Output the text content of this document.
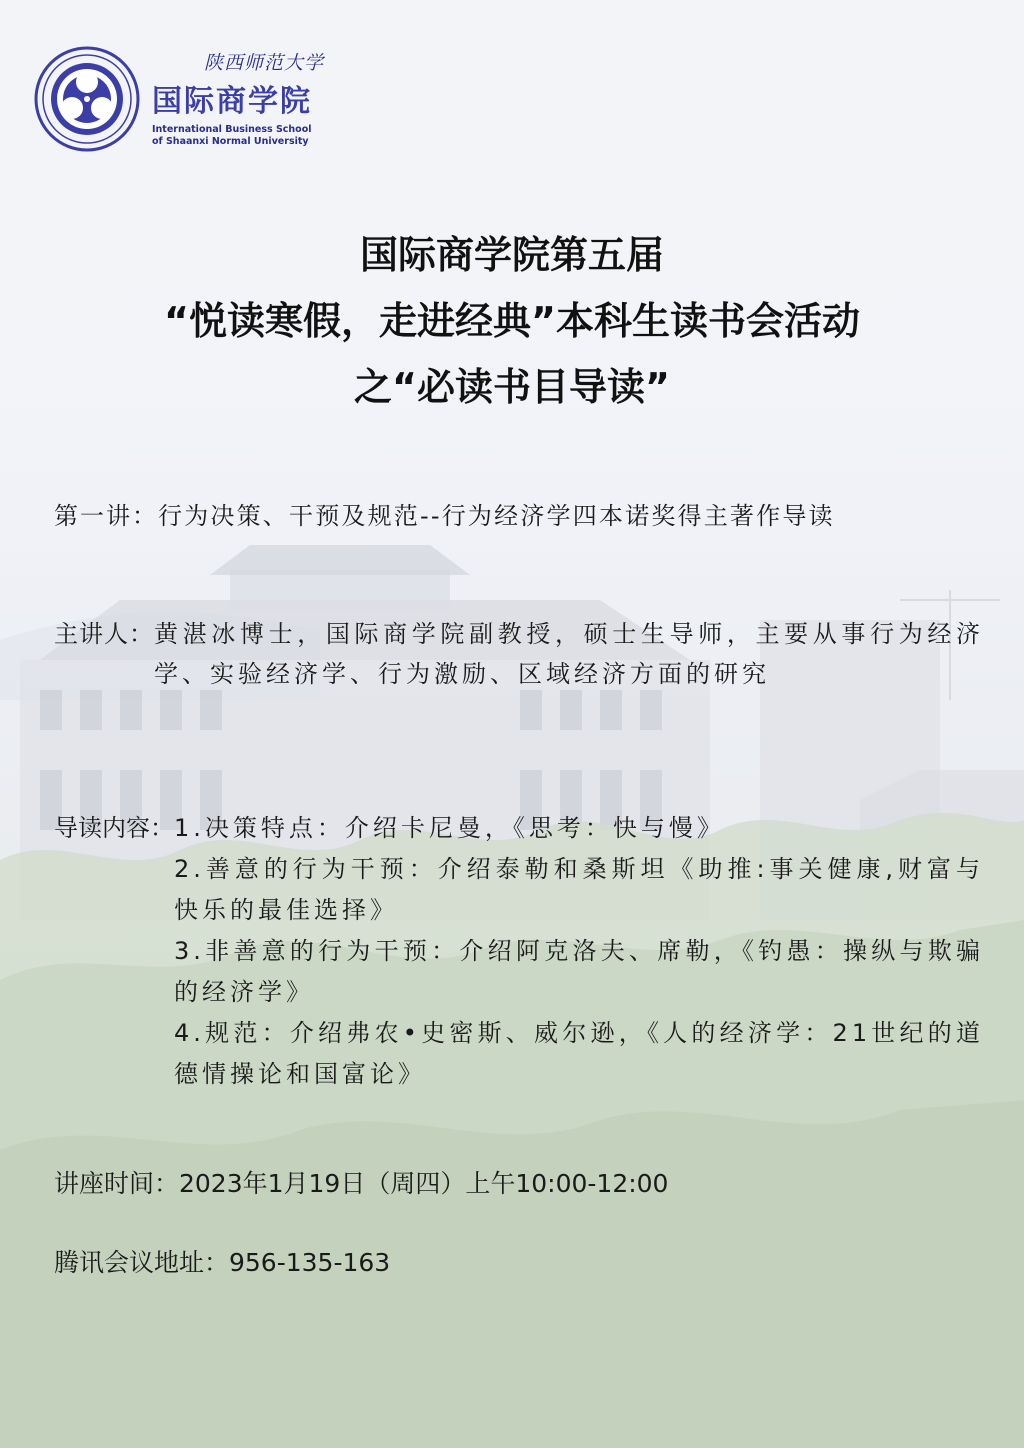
陕西师范大学
国际商学院
International Business School
of Shaanxi Normal University
国际商学院第五届
“悦读寒假，走进经典”本科生读书会活动
之“必读书目导读”
第一讲： 行为决策、干预及规范--行为经济学四本诺奖得主著作导读
主讲人： 黄湛冰博士，国际商学院副教授，硕士生导师，主要从事行为经济学、实验经济学、行为激励、区域经济方面的研究
导读内容： 1.决策特点：介绍卡尼曼，《思考：快与慢》
2.善意的行为干预：介绍泰勒和桑斯坦《助推:事关健康,财富与快乐的最佳选择》
3.非善意的行为干预：介绍阿克洛夫、席勒，《钓愚：操纵与欺骗的经济学》
4.规范：介绍弗农•史密斯、威尔逊，《人的经济学：21世纪的道德情操论和国富论》
讲座时间：2023年1月19日（周四）上午10:00-12:00
腾讯会议地址：956-135-163
